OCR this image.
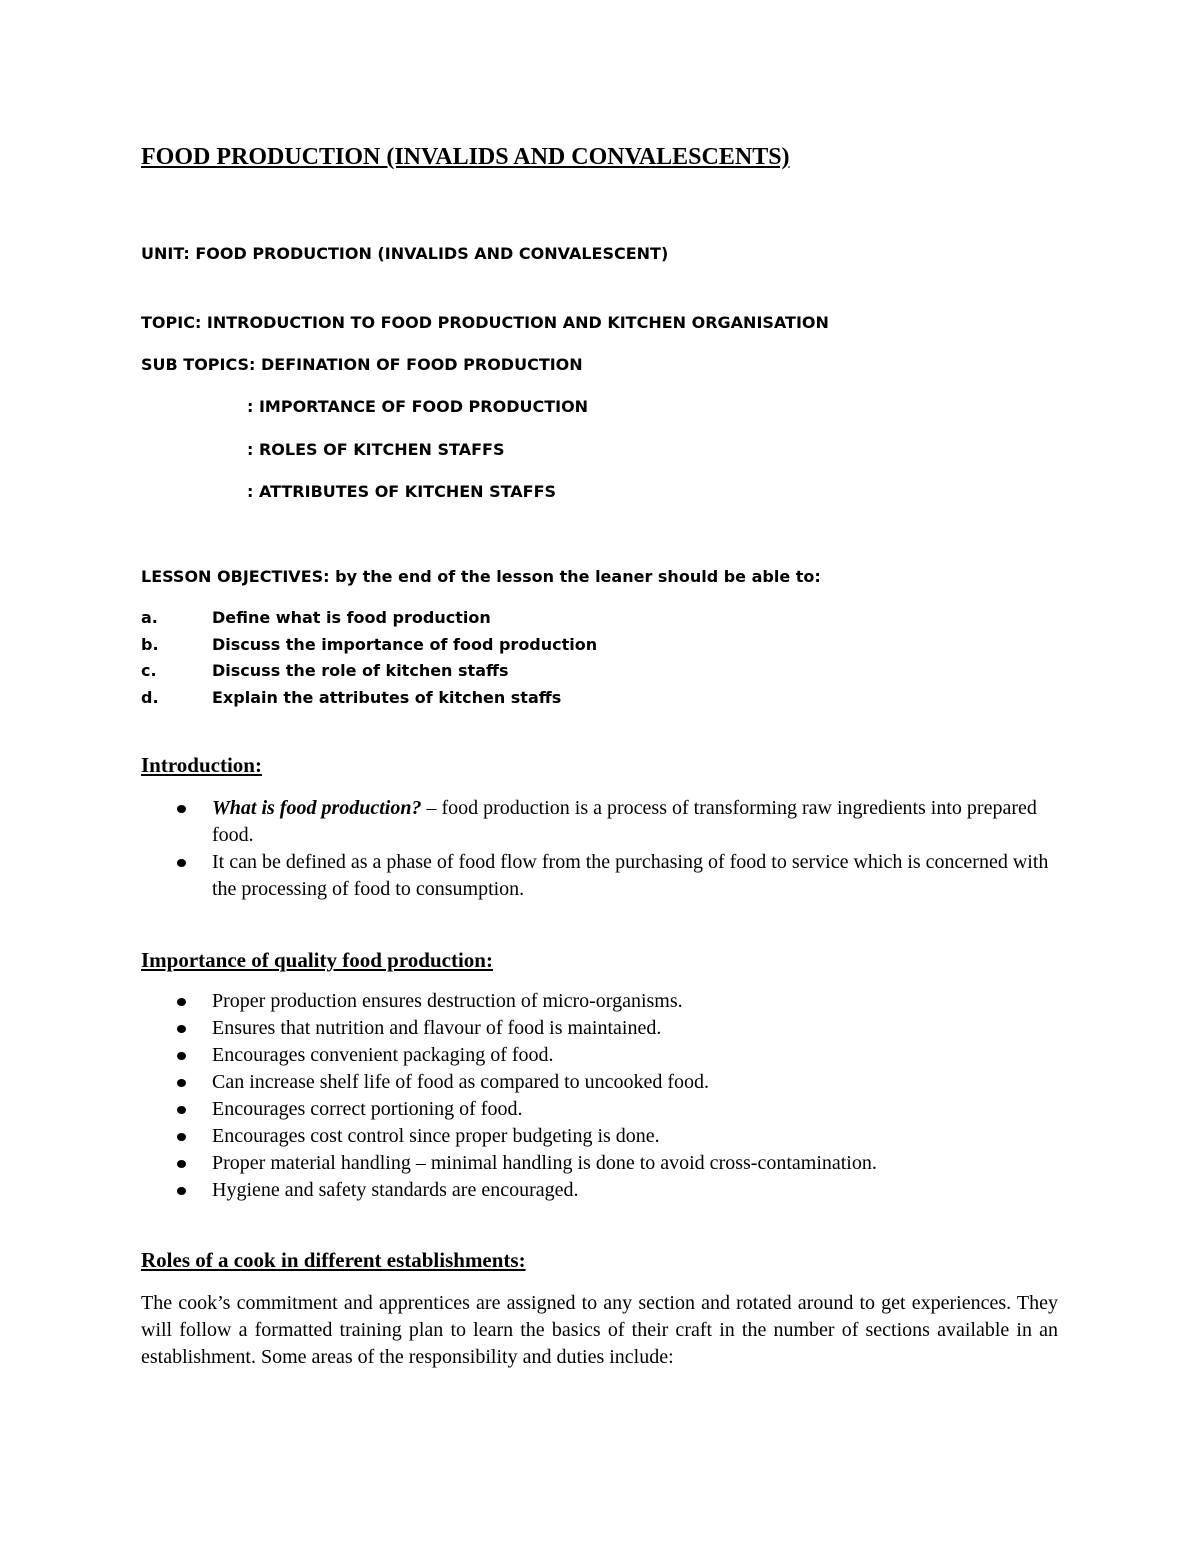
FOOD PRODUCTION (INVALIDS AND CONVALESCENTS)
UNIT: FOOD PRODUCTION (INVALIDS AND CONVALESCENT)
TOPIC: INTRODUCTION TO FOOD PRODUCTION AND KITCHEN ORGANISATION
SUB TOPICS: DEFINATION OF FOOD PRODUCTION
: IMPORTANCE OF FOOD PRODUCTION
: ROLES OF KITCHEN STAFFS
: ATTRIBUTES OF KITCHEN STAFFS
LESSON OBJECTIVES: by the end of the lesson the leaner should be able to:
a.	Define what is food production
b.	Discuss the importance of food production
c.	Discuss the role of kitchen staffs
d.	Explain the attributes of kitchen staffs
Introduction:
What is food production? – food production is a process of transforming raw ingredients into prepared food.
It can be defined as a phase of food flow from the purchasing of food to service which is concerned with the processing of food to consumption.
Importance of quality food production:
Proper production ensures destruction of micro-organisms.
Ensures that nutrition and flavour of food is maintained.
Encourages convenient packaging of food.
Can increase shelf life of food as compared to uncooked food.
Encourages correct portioning of food.
Encourages cost control since proper budgeting is done.
Proper material handling – minimal handling is done to avoid cross-contamination.
Hygiene and safety standards are encouraged.
Roles of a cook in different establishments:
The cook’s commitment and apprentices are assigned to any section and rotated around to get experiences. They will follow a formatted training plan to learn the basics of their craft in the number of sections available in an establishment. Some areas of the responsibility and duties include:
